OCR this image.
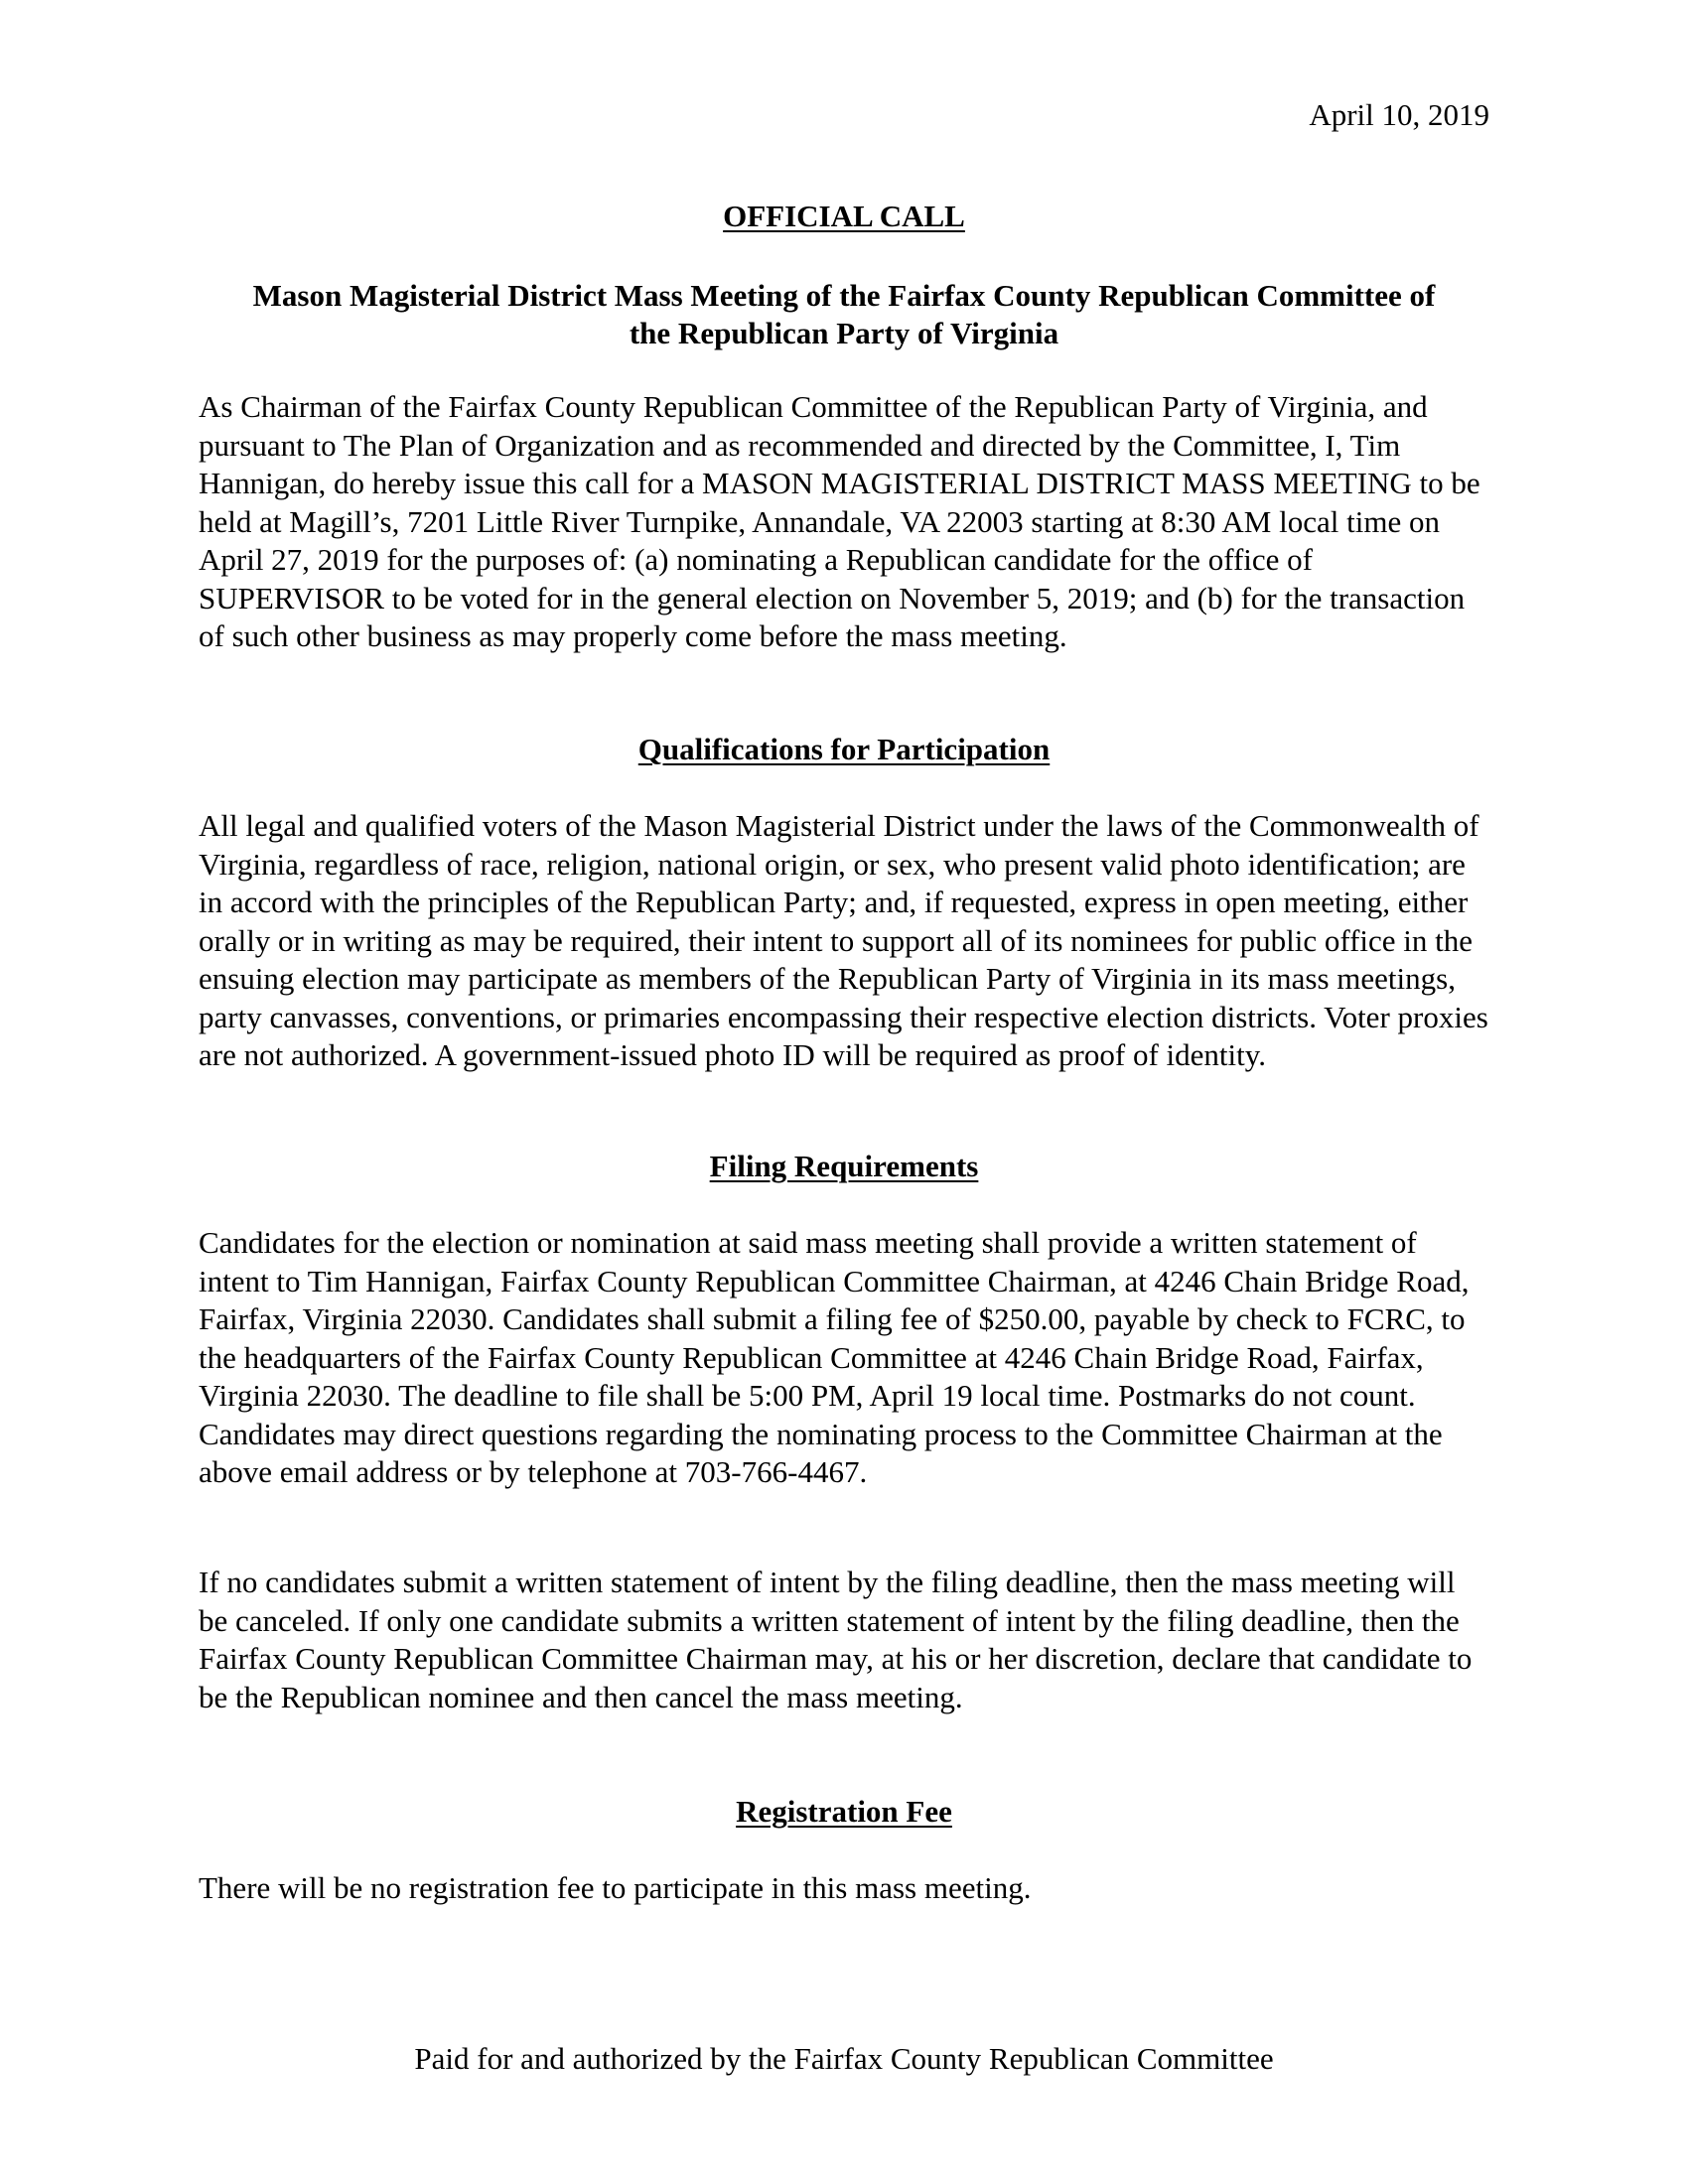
April 10, 2019
OFFICIAL CALL
Mason Magisterial District Mass Meeting of the Fairfax County Republican Committee of the Republican Party of Virginia
As Chairman of the Fairfax County Republican Committee of the Republican Party of Virginia, and pursuant to The Plan of Organization and as recommended and directed by the Committee, I, Tim Hannigan, do hereby issue this call for a MASON MAGISTERIAL DISTRICT MASS MEETING to be held at Magill’s, 7201 Little River Turnpike, Annandale, VA 22003 starting at 8:30 AM local time on April 27, 2019 for the purposes of: (a) nominating a Republican candidate for the office of SUPERVISOR to be voted for in the general election on November 5, 2019; and (b) for the transaction of such other business as may properly come before the mass meeting.
Qualifications for Participation
All legal and qualified voters of the Mason Magisterial District under the laws of the Commonwealth of Virginia, regardless of race, religion, national origin, or sex, who present valid photo identification; are in accord with the principles of the Republican Party; and, if requested, express in open meeting, either orally or in writing as may be required, their intent to support all of its nominees for public office in the ensuing election may participate as members of the Republican Party of Virginia in its mass meetings, party canvasses, conventions, or primaries encompassing their respective election districts. Voter proxies are not authorized. A government-issued photo ID will be required as proof of identity.
Filing Requirements
Candidates for the election or nomination at said mass meeting shall provide a written statement of intent to Tim Hannigan, Fairfax County Republican Committee Chairman, at 4246 Chain Bridge Road, Fairfax, Virginia 22030. Candidates shall submit a filing fee of $250.00, payable by check to FCRC, to the headquarters of the Fairfax County Republican Committee at 4246 Chain Bridge Road, Fairfax, Virginia 22030. The deadline to file shall be 5:00 PM, April 19 local time. Postmarks do not count. Candidates may direct questions regarding the nominating process to the Committee Chairman at the above email address or by telephone at 703-766-4467.
If no candidates submit a written statement of intent by the filing deadline, then the mass meeting will be canceled. If only one candidate submits a written statement of intent by the filing deadline, then the Fairfax County Republican Committee Chairman may, at his or her discretion, declare that candidate to be the Republican nominee and then cancel the mass meeting.
Registration Fee
There will be no registration fee to participate in this mass meeting.
Paid for and authorized by the Fairfax County Republican Committee
